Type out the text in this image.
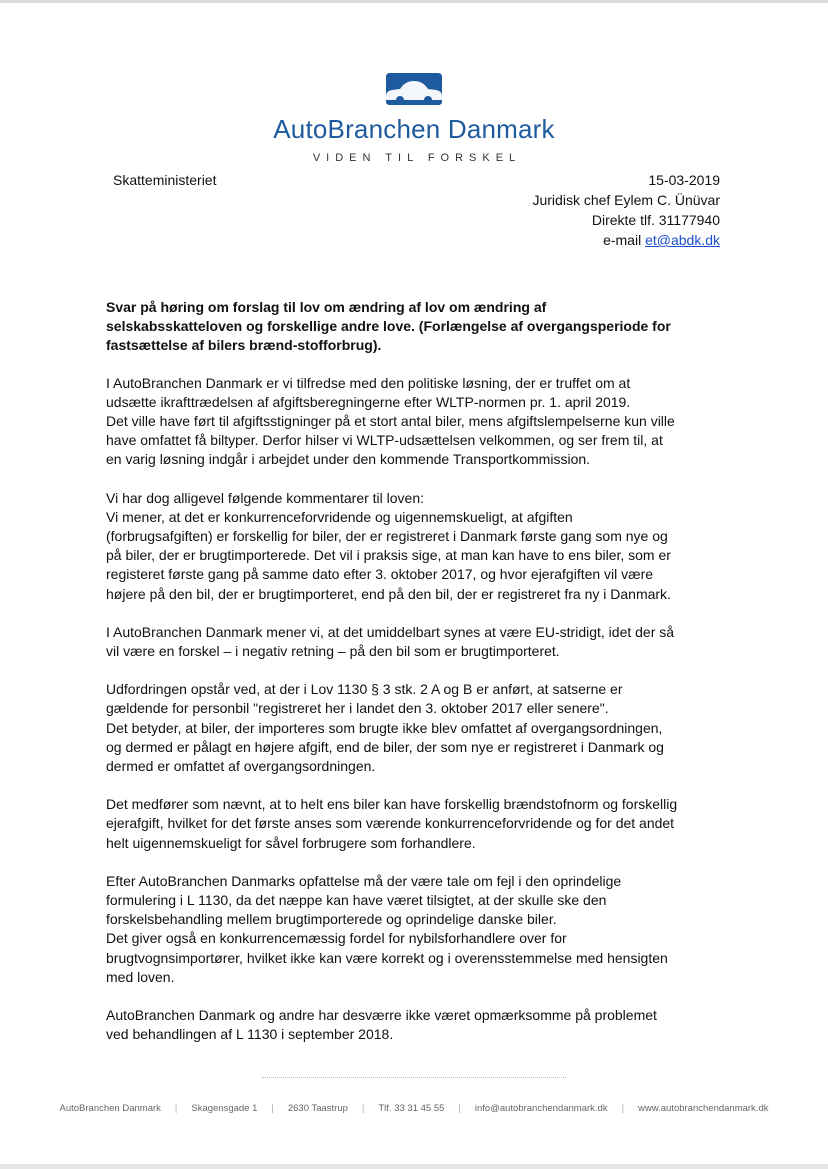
AutoBranchen Danmark
VIDEN TIL FORSKEL
Skatteministeriet	15-03-2019
Juridisk chef Eylem C. Ünüvar
Direkte tlf. 31177940
e-mail et@abdk.dk
Svar på høring om forslag til lov om ændring af lov om ændring af
selskabsskatteloven og forskellige andre love. (Forlængelse af overgangsperiode for
fastsættelse af bilers brænd-stofforbrug).

I AutoBranchen Danmark er vi tilfredse med den politiske løsning, der er truffet om at
udsætte ikrafttrædelsen af afgiftsberegningerne efter WLTP-normen pr. 1. april 2019.
Det ville have ført til afgiftsstigninger på et stort antal biler, mens afgiftslempelserne kun ville
have omfattet få biltyper. Derfor hilser vi WLTP-udsættelsen velkommen, og ser frem til, at
en varig løsning indgår i arbejdet under den kommende Transportkommission.

Vi har dog alligevel følgende kommentarer til loven:
Vi mener, at det er konkurrenceforvridende og uigennemskueligt, at afgiften
(forbrugsafgiften) er forskellig for biler, der er registreret i Danmark første gang som nye og
på biler, der er brugtimporterede. Det vil i praksis sige, at man kan have to ens biler, som er
registeret første gang på samme dato efter 3. oktober 2017, og hvor ejerafgiften vil være
højere på den bil, der er brugtimporteret, end på den bil, der er registreret fra ny i Danmark.

I AutoBranchen Danmark mener vi, at det umiddelbart synes at være EU-stridigt, idet der så
vil være en forskel – i negativ retning – på den bil som er brugtimporteret.

Udfordringen opstår ved, at der i Lov 1130 § 3 stk. 2 A og B er anført, at satserne er
gældende for personbil "registreret her i landet den 3. oktober 2017 eller senere".
Det betyder, at biler, der importeres som brugte ikke blev omfattet af overgangsordningen,
og dermed er pålagt en højere afgift, end de biler, der som nye er registreret i Danmark og
dermed er omfattet af overgangsordningen.

Det medfører som nævnt, at to helt ens biler kan have forskellig brændstofnorm og forskellig
ejerafgift, hvilket for det første anses som værende konkurrenceforvridende og for det andet
helt uigennemskueligt for såvel forbrugere som forhandlere.

Efter AutoBranchen Danmarks opfattelse må der være tale om fejl i den oprindelige
formulering i L 1130, da det næppe kan have været tilsigtet, at der skulle ske den
forskelsbehandling mellem brugtimporterede og oprindelige danske biler.
Det giver også en konkurrencemæssig fordel for nybilsforhandlere over for
brugtvognsimportører, hvilket ikke kan være korrekt og i overensstemmelse med hensigten
med loven.

AutoBranchen Danmark og andre har desværre ikke været opmærksomme på problemet
ved behandlingen af L 1130 i september 2018.

AutoBranchen Danmark | Skagensgade 1 | 2630 Taastrup | Tlf. 33 31 45 55 | info@autobranchendanmark.dk | www.autobranchendanmark.dk
